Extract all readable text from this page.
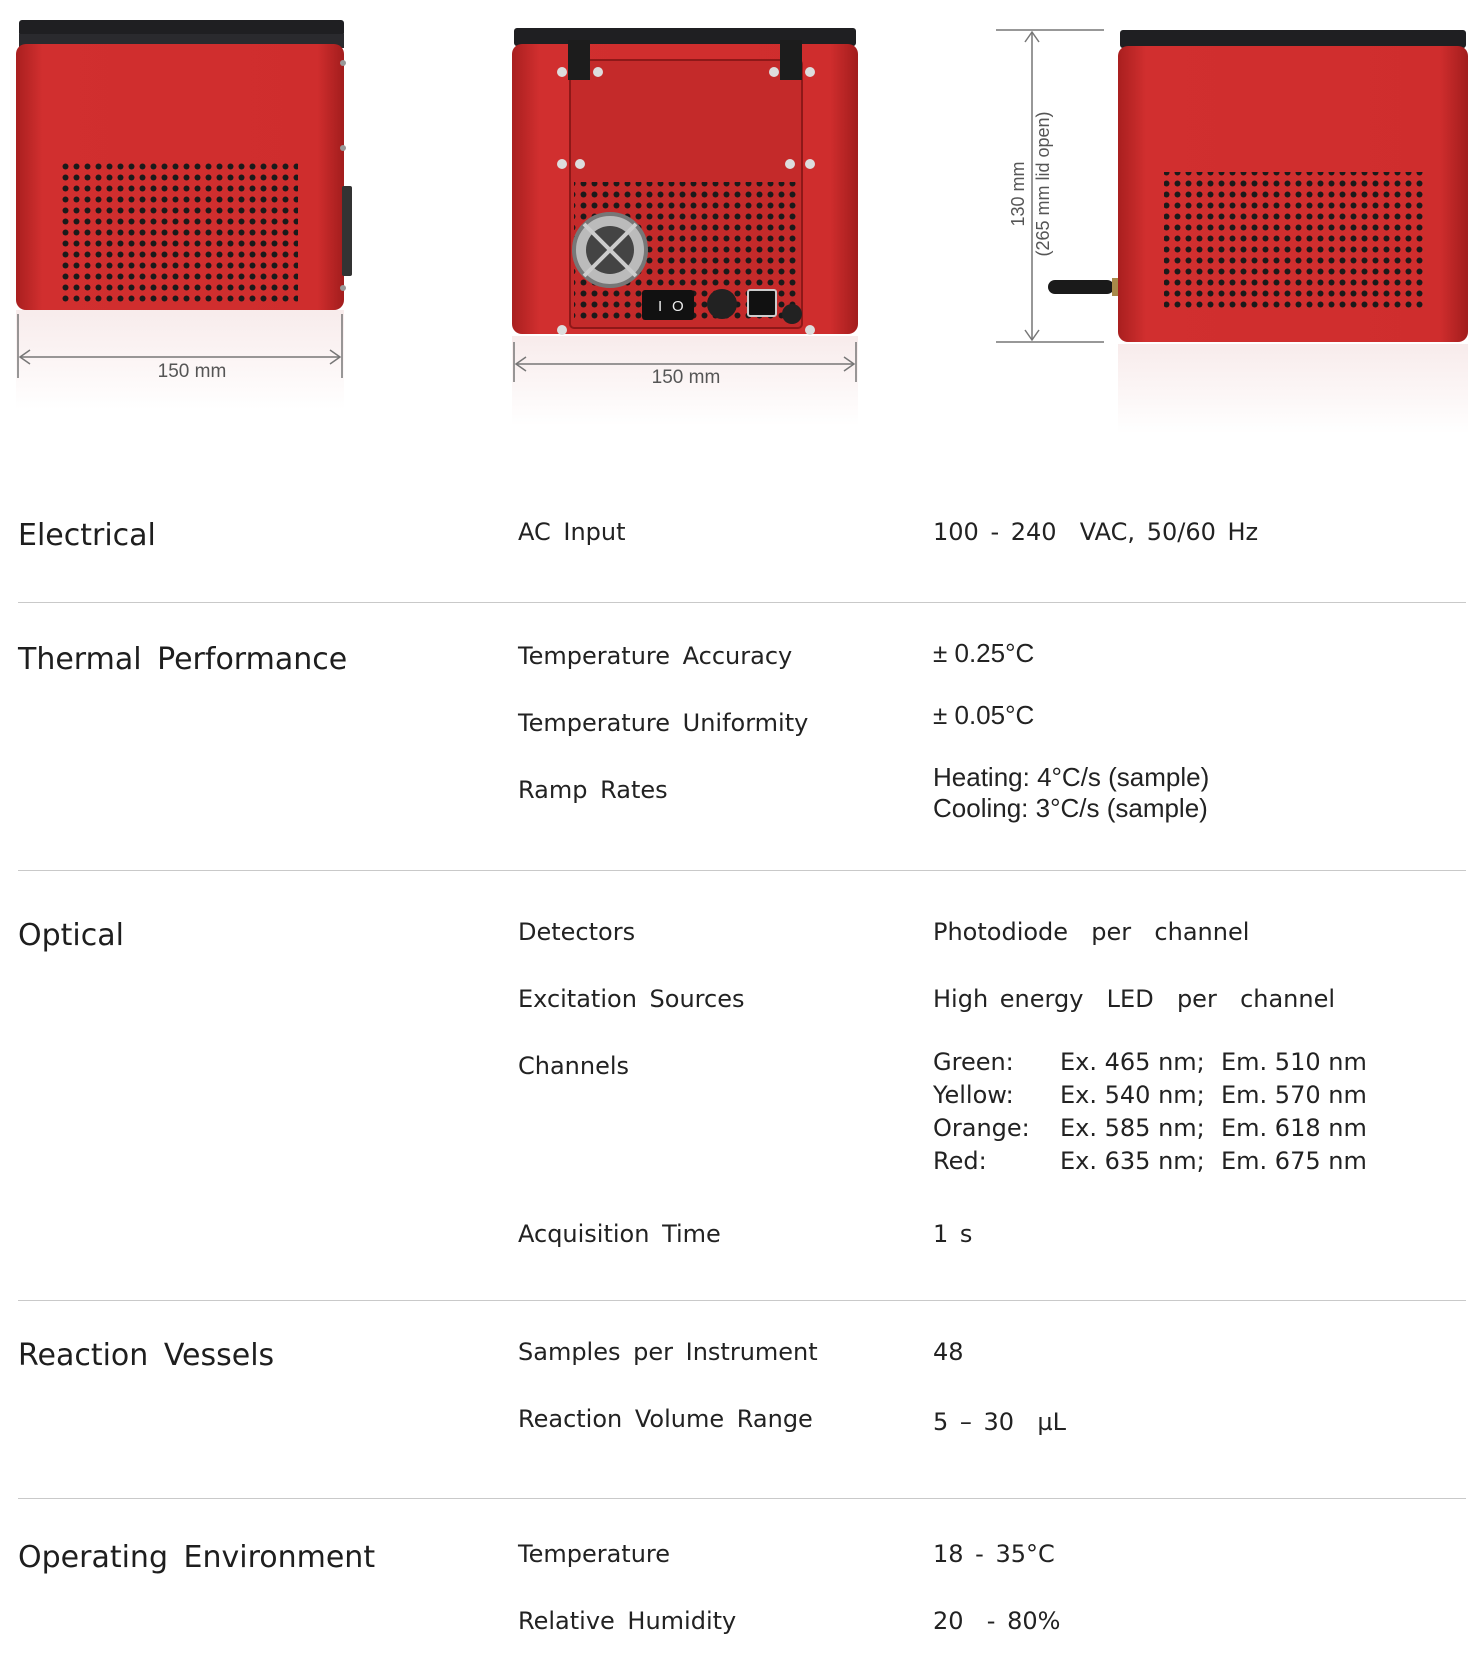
150 mm
I O
150 mm
130 mm (265 mm lid open)
Electrical	AC Input	100 - 240  VAC, 50/60 Hz
Thermal Performance	Temperature Accuracy	± 0.25°C
Temperature Uniformity	± 0.05°C
Ramp Rates	Heating: 4°C/s (sample)
Cooling: 3°C/s (sample)
Optical	Detectors	Photodiode  per  channel
Excitation Sources	High energy  LED  per  channel
Channels	Green: Ex. 465 nm; Em. 510 nm
Yellow: Ex. 540 nm; Em. 570 nm
Orange: Ex. 585 nm; Em. 618 nm
Red:	Ex. 635 nm; Em. 675 nm
Acquisition Time	1 s
Reaction Vessels	Samples per Instrument	48
Reaction Volume Range	5 – 30  µL
Operating Environment	Temperature	18 - 35°C
Relative Humidity	20  - 80%
